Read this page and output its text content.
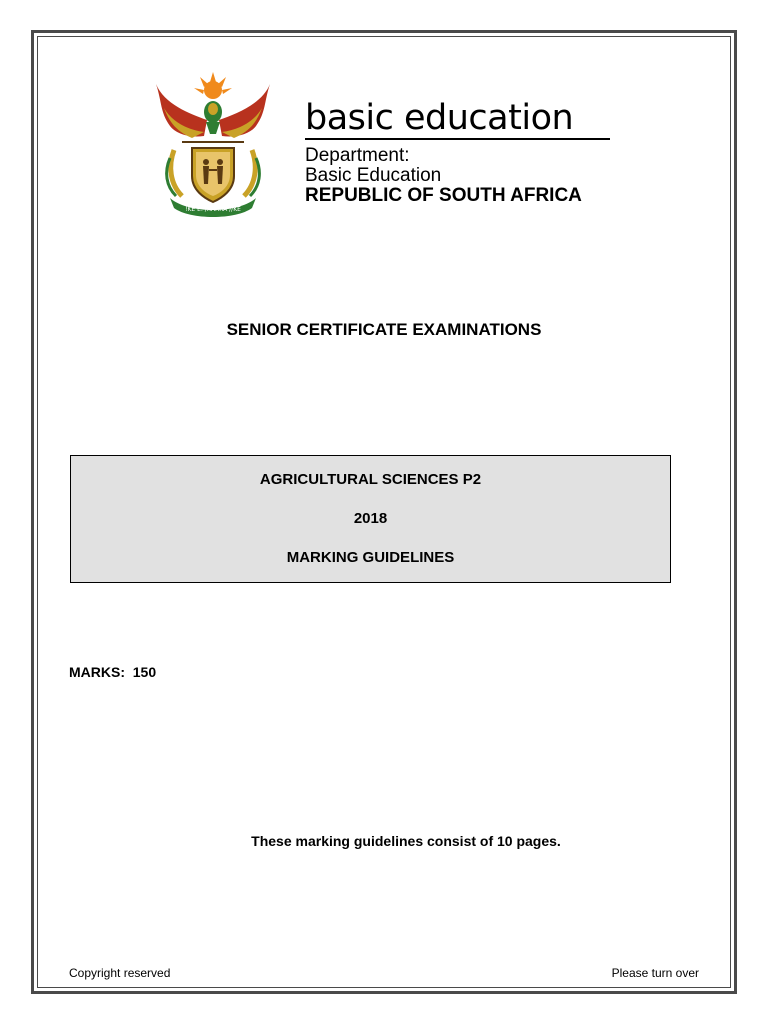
!KE E: /XARRA //KE
basic education
Department:
Basic Education
REPUBLIC OF SOUTH AFRICA
SENIOR CERTIFICATE EXAMINATIONS
AGRICULTURAL SCIENCES P2
2018
MARKING GUIDELINES
MARKS:  150
These marking guidelines consist of 10 pages.
Copyright reserved	Please turn over
